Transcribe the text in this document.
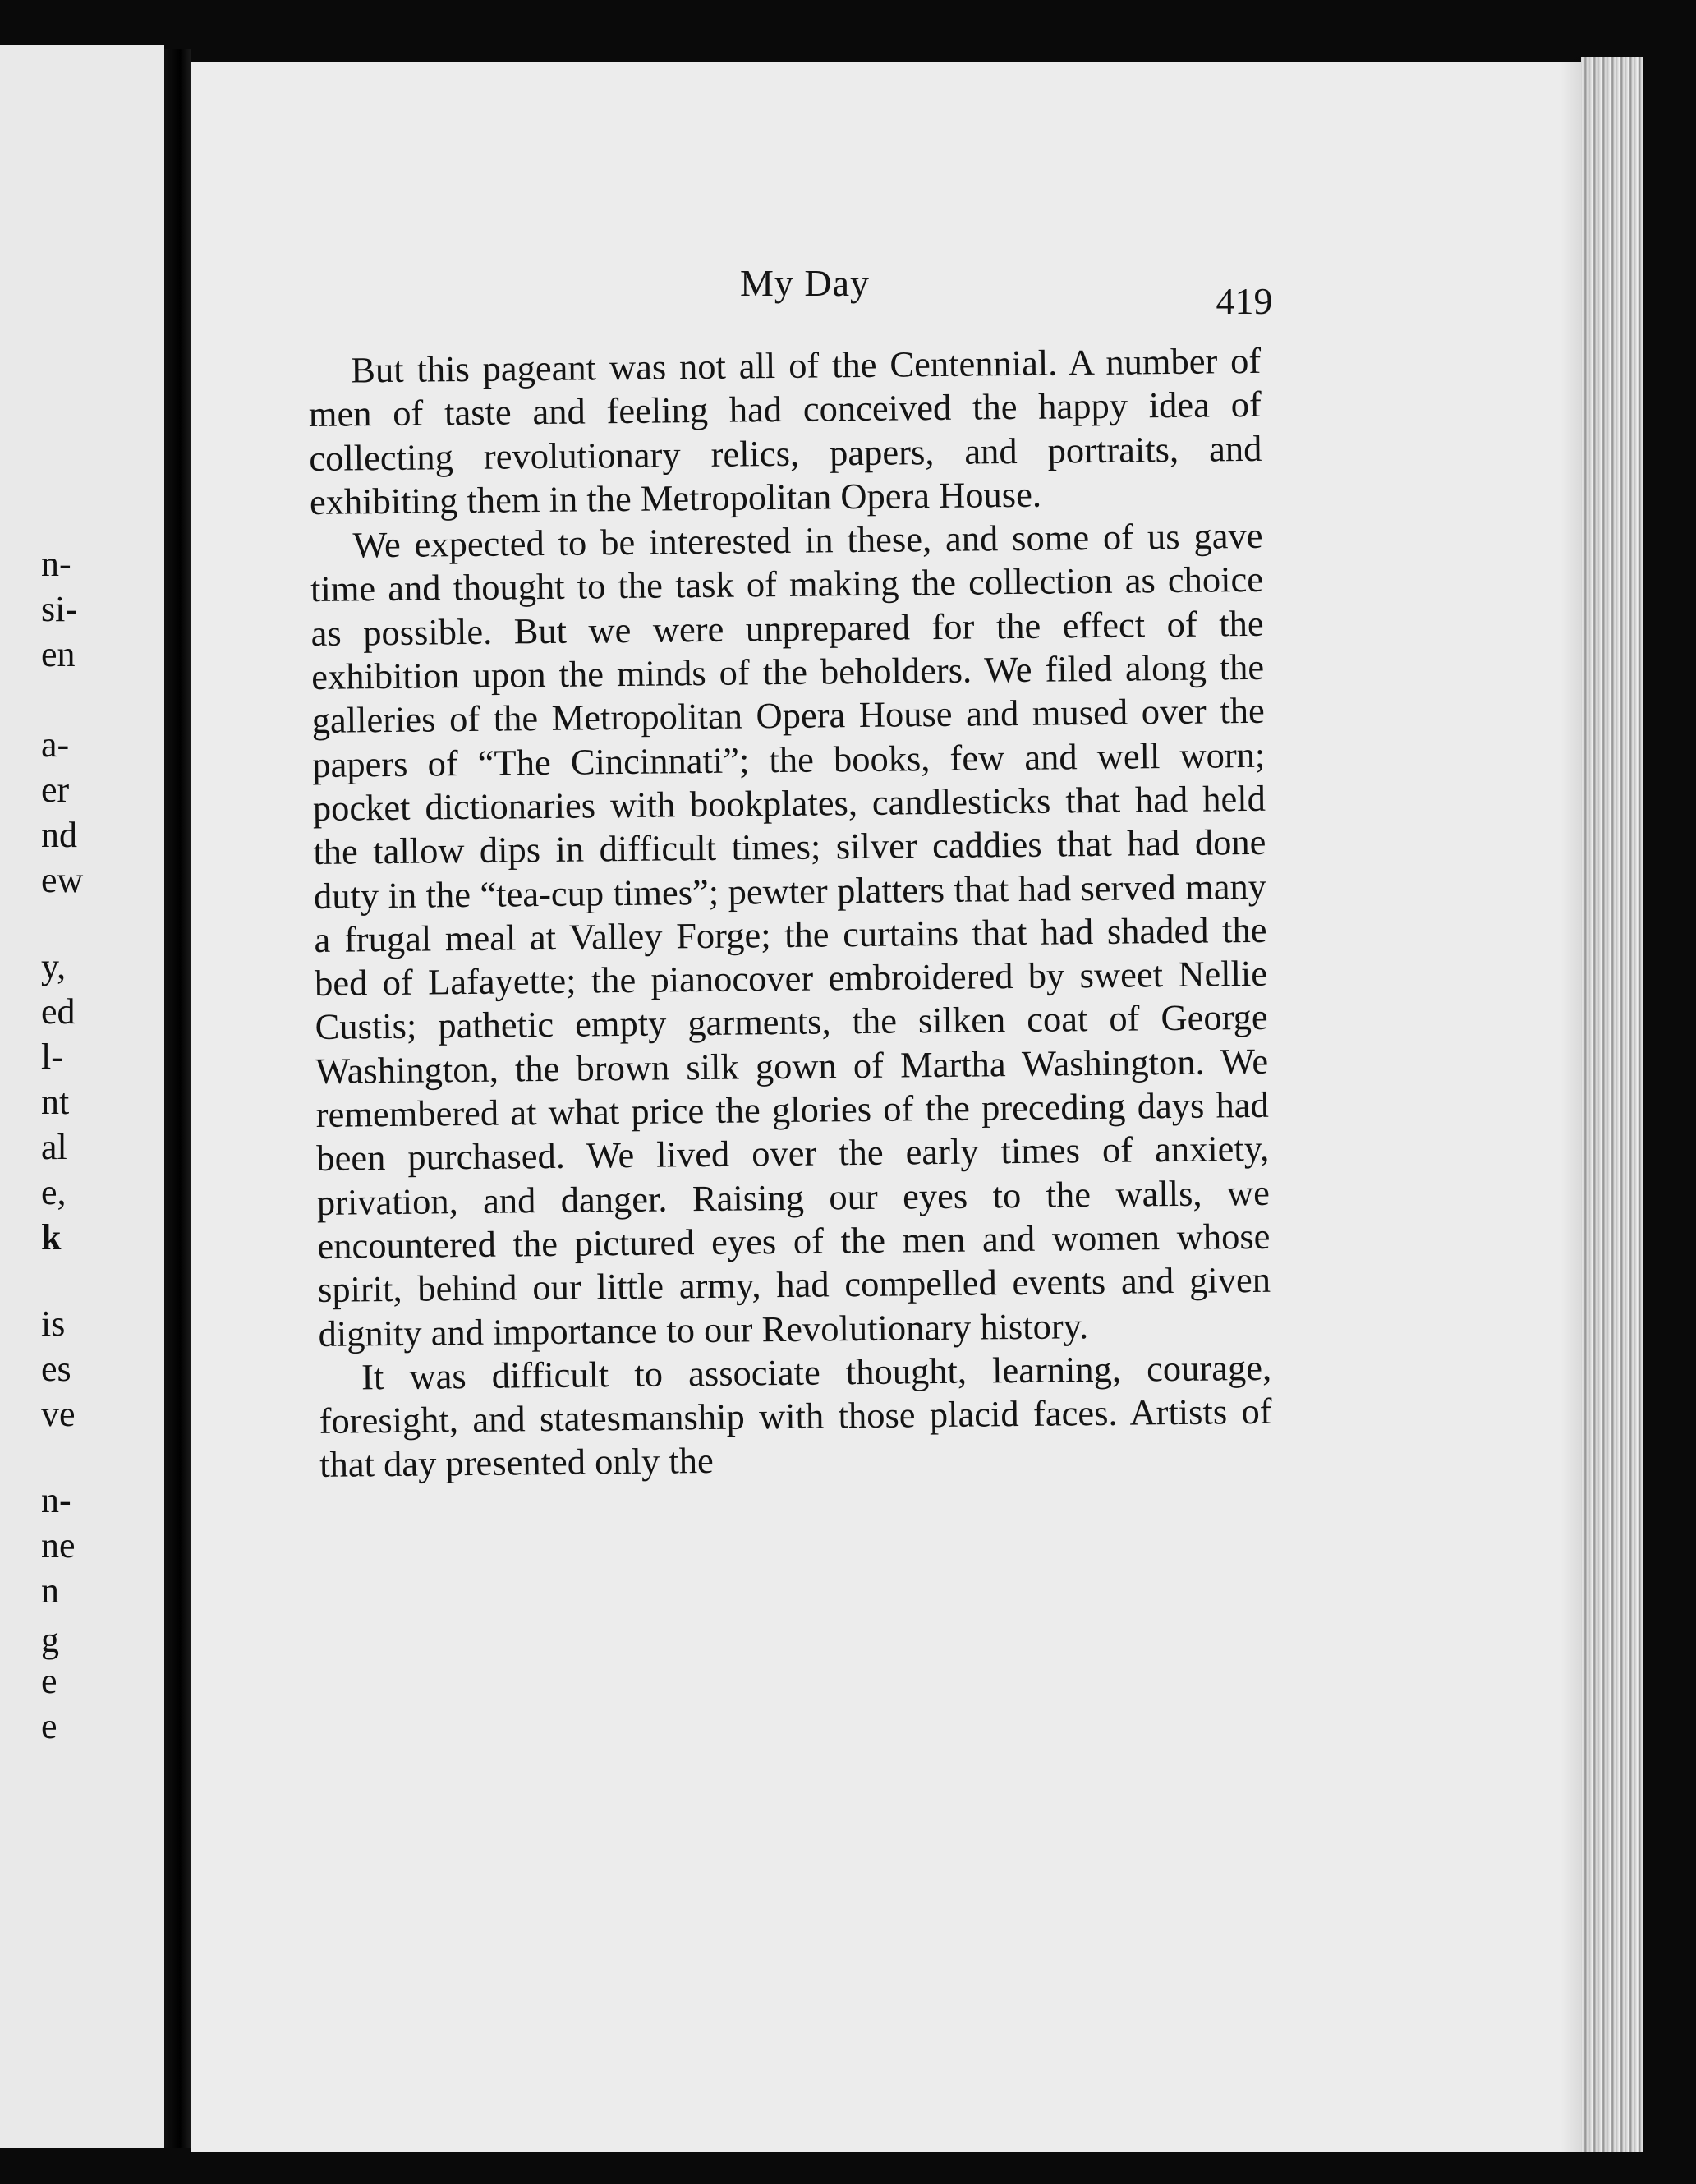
n-
si-
en
a-
er
nd
ew
y,
ed
l-
nt
al
e,
k
is
es
ve
n-
ne
n
g
e
e
My Day	419

But this pageant was not all of the Centennial. A number of men of taste and feeling had conceived the happy idea of collecting revolutionary relics, papers, and portraits, and exhibiting them in the Metropolitan Opera House.

We expected to be interested in these, and some of us gave time and thought to the task of making the collection as choice as possible. But we were unprepared for the effect of the exhibition upon the minds of the beholders. We filed along the galleries of the Metropolitan Opera House and mused over the papers of “The Cincinnati”; the books, few and well worn; pocket dictionaries with bookplates, candlesticks that had held the tallow dips in difficult times; silver caddies that had done duty in the “tea-cup times”; pewter platters that had served many a frugal meal at Valley Forge; the curtains that had shaded the bed of Lafayette; the pianocover embroidered by sweet Nellie Custis; pathetic empty garments, the silken coat of George Washington, the brown silk gown of Martha Washington. We remembered at what price the glories of the preceding days had been purchased. We lived over the early times of anxiety, privation, and danger. Raising our eyes to the walls, we encountered the pictured eyes of the men and women whose spirit, behind our little army, had compelled events and given dignity and importance to our Revolutionary history.

It was difficult to associate thought, learning, courage, foresight, and statesmanship with those placid faces. Artists of that day presented only the
